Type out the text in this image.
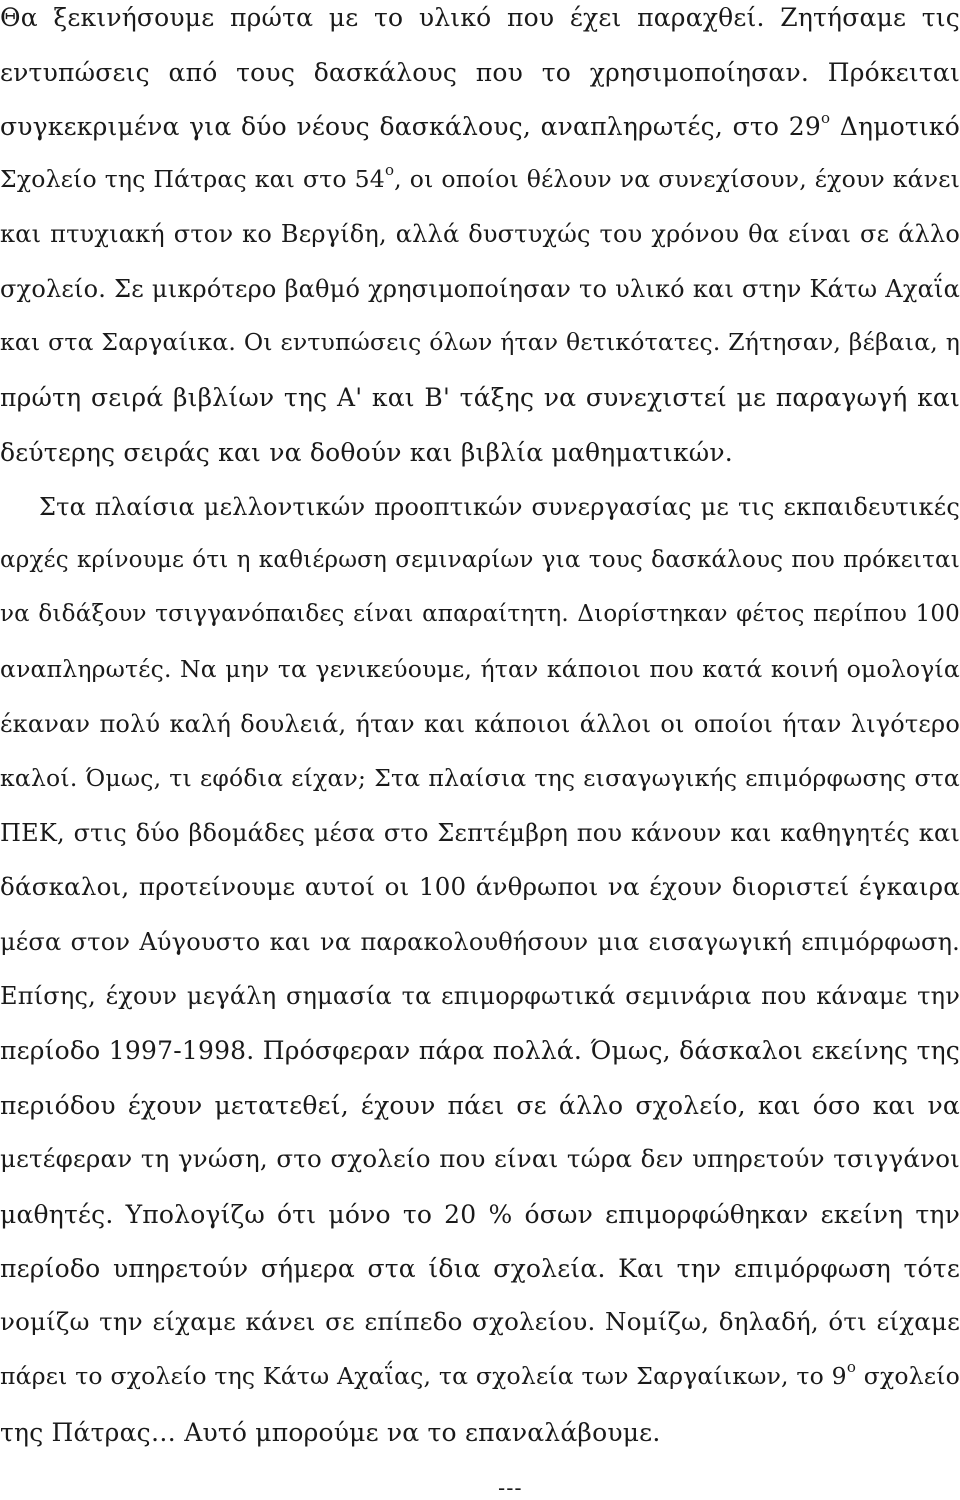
Θα ξεκινήσουμε πρώτα με το υλικό που έχει παραχθεί. Ζητήσαμε τις
εντυπώσεις από τους δασκάλους που το χρησιμοποίησαν. Πρόκειται
συγκεκριμένα για δύο νέους δασκάλους, αναπληρωτές, στο $29^o$ Δημοτικό
Σχολείο της Πάτρας και στο $54^o$, οι οποίοι θέλουν να συνεχίσουν, έχουν κάνει
και πτυχιακή στον κο Βεργίδη, αλλά δυστυχώς του χρόνου θα είναι σε άλλο
σχολείο. Σε μικρότερο βαθμό χρησιμοποίησαν το υλικό και στην Κάτω Αχαΐα
και στα Σαργαίικα. Οι εντυπώσεις όλων ήταν θετικότατες. Ζήτησαν, βέβαια, η
πρώτη σειρά βιβλίων της Α' και Β' τάξης να συνεχιστεί με παραγωγή και
δεύτερης σειράς και να δοθούν και βιβλία μαθηματικών.
Στα πλαίσια μελλοντικών προοπτικών συνεργασίας με τις εκπαιδευτικές
αρχές κρίνουμε ότι η καθιέρωση σεμιναρίων για τους δασκάλους που πρόκειται
να διδάξουν τσιγγανόπαιδες είναι απαραίτητη. Διορίστηκαν φέτος περίπου 100
αναπληρωτές. Να μην τα γενικεύουμε, ήταν κάποιοι που κατά κοινή ομολογία
έκαναν πολύ καλή δουλειά, ήταν και κάποιοι άλλοι οι οποίοι ήταν λιγότερο
καλοί. Όμως, τι εφόδια είχαν; Στα πλαίσια της εισαγωγικής επιμόρφωσης στα
ΠΕΚ, στις δύο βδομάδες μέσα στο Σεπτέμβρη που κάνουν και καθηγητές και
δάσκαλοι, προτείνουμε αυτοί οι 100 άνθρωποι να έχουν διοριστεί έγκαιρα
μέσα στον Αύγουστο και να παρακολουθήσουν μια εισαγωγική επιμόρφωση.
Επίσης, έχουν μεγάλη σημασία τα επιμορφωτικά σεμινάρια που κάναμε την
περίοδο 1997-1998. Πρόσφεραν πάρα πολλά. Όμως, δάσκαλοι εκείνης της
περιόδου έχουν μετατεθεί, έχουν πάει σε άλλο σχολείο, και όσο και να
μετέφεραν τη γνώση, στο σχολείο που είναι τώρα δεν υπηρετούν τσιγγάνοι
μαθητές. Υπολογίζω ότι μόνο το 20 % όσων επιμορφώθηκαν εκείνη την
περίοδο υπηρετούν σήμερα στα ίδια σχολεία. Και την επιμόρφωση τότε
νομίζω την είχαμε κάνει σε επίπεδο σχολείου. Νομίζω, δηλαδή, ότι είχαμε
πάρει το σχολείο της Κάτω Αχαΐας, τα σχολεία των Σαργαίικων, το $9^o$ σχολείο
της Πάτρας… Αυτό μπορούμε να το επαναλάβουμε.
---
